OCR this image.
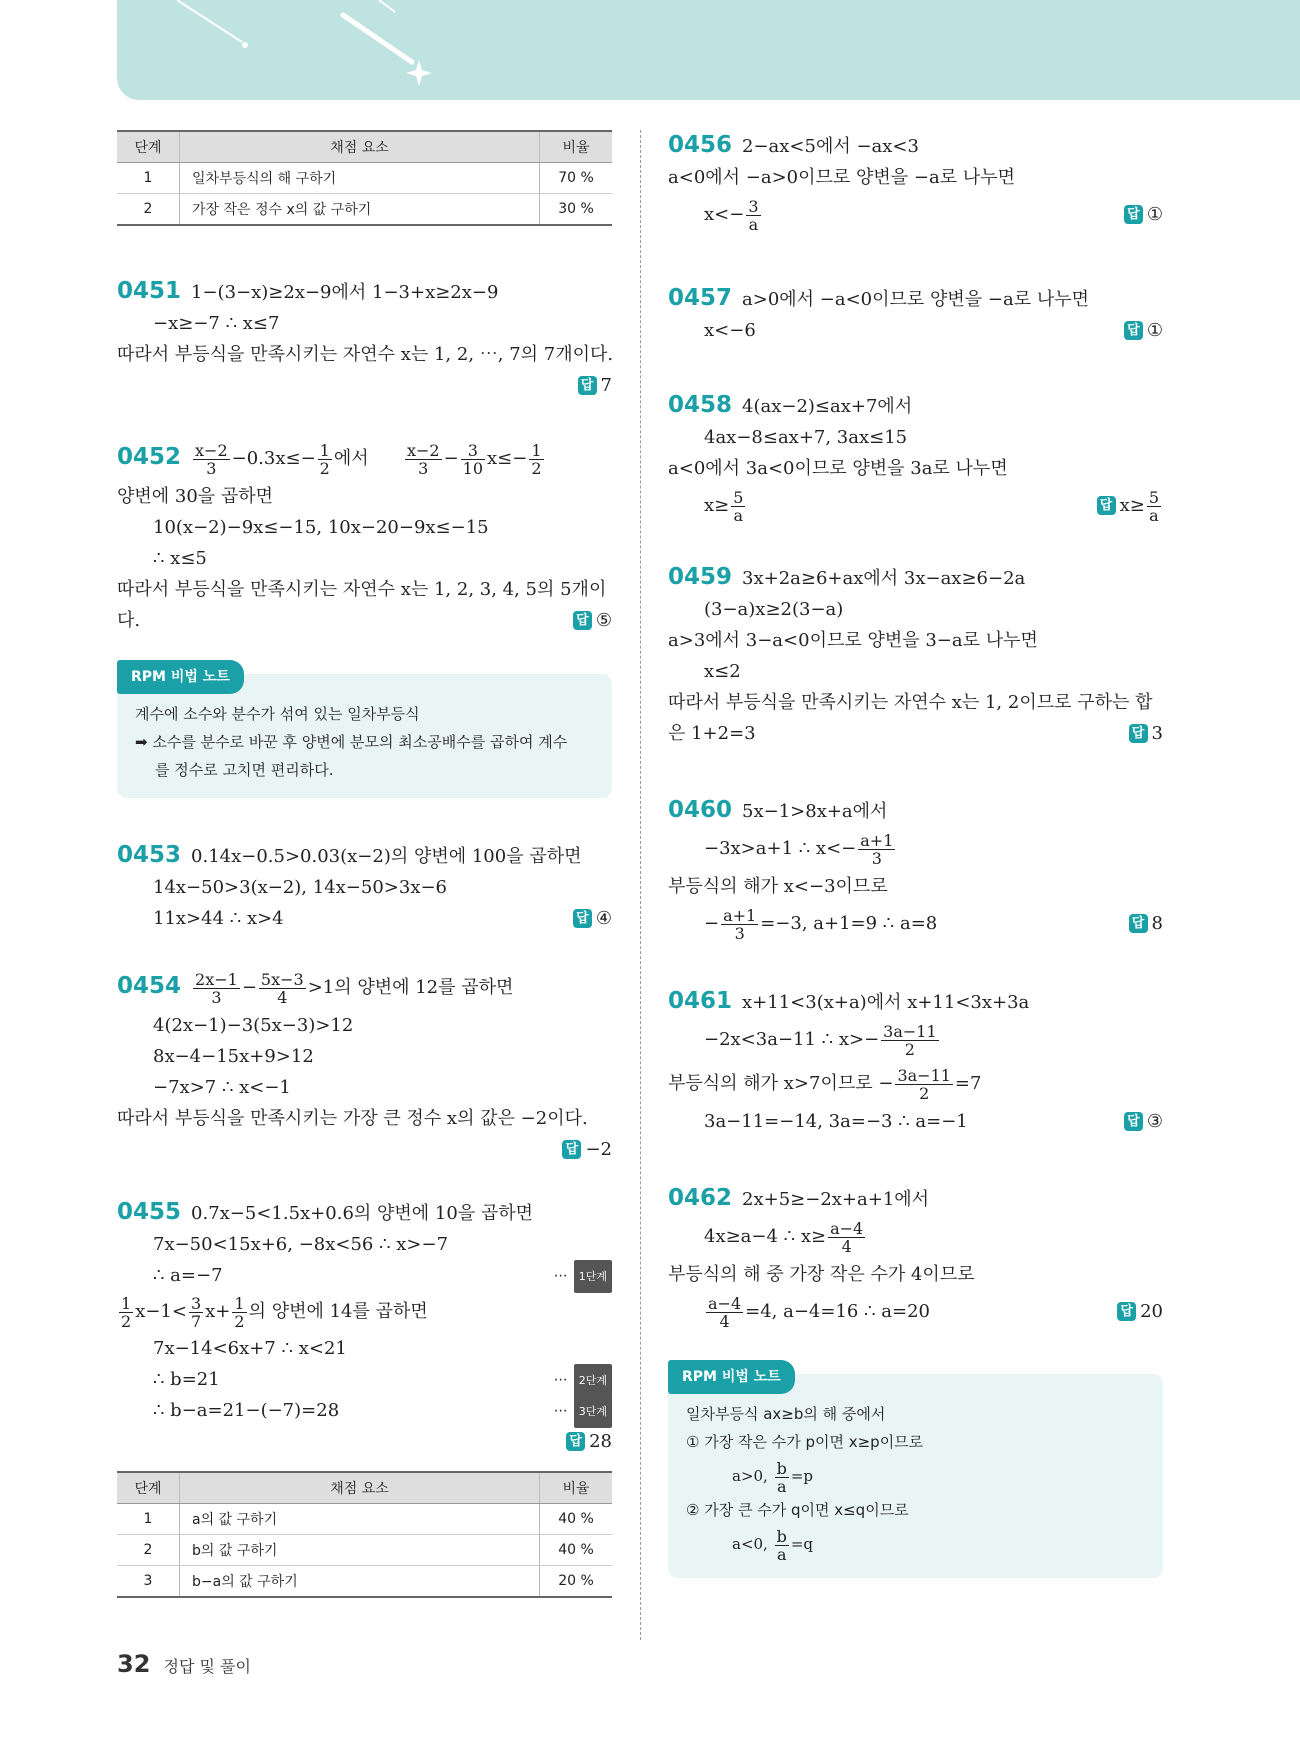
단계	채점 요소	비율
1	일차부등식의 해 구하기	70 %
2	가장 작은 정수 x의 값 구하기	30 %
0451 1−(3−x)≥2x−9에서 1−3+x≥2x−9
−x≥−7 ∴ x≤7
따라서 부등식을 만족시키는 자연수 x는 1, 2, ⋯, 7의 7개이다.
답 7
$0452 \frac{x-2}{3} -0.3x\le- \frac{1}{2}$ 에서 $\frac{x-2}{3} - \frac{3}{10} x\le- \frac{1}{2}$
양변에 30을 곱하면
10(x−2)−9x≤−15, 10x−20−9x≤−15
∴ x≤5
따라서 부등식을 만족시키는 자연수 x는 1, 2, 3, 4, 5의 5개이
다.	답 ⑤
RPM 비법 노트
계수에 소수와 분수가 섞여 있는 일차부등식
➡ 소수를 분수로 바꾼 후 양변에 분모의 최소공배수를 곱하여 계수
를 정수로 고치면 편리하다.
0453 0.14x−0.5>0.03(x−2)의 양변에 100을 곱하면
14x−50>3(x−2), 14x−50>3x−6
11x>44 ∴ x>4	답 ④
$0454 \frac{2x-1}{3} - \frac{5x-3}{4} >1$의 양변에 12를 곱하면
4(2x−1)−3(5x−3)>12
8x−4−15x+9>12
−7x>7 ∴ x<−1
따라서 부등식을 만족시키는 가장 큰 정수 x의 값은 −2이다.
답 −2
0455 0.7x−5<1.5x+0.6의 양변에 10을 곱하면
7x−50<15x+6, −8x<56 ∴ x>−7
∴ a=−7	⋯ 1단계
$\frac{1}{2} x-1< \frac{3}{7} x+ \frac{1}{2}$ 의 양변에 14를 곱하면
7x−14<6x+7 ∴ x<21
∴ b=21	⋯ 2단계
∴ b−a=21−(−7)=28	⋯ 3단계
답 28
단계	채점 요소	비율
1	a의 값 구하기	40 %
2	b의 값 구하기	40 %
3	b−a의 값 구하기	20 %
0456 2−ax<5에서 −ax<3
a<0에서 −a>0이므로 양변을 −a로 나누면
$x<- \frac{3}{a}$	답 ①
0457 a>0에서 −a<0이므로 양변을 −a로 나누면
x<−6	답 ①
0458 4(ax−2)≤ax+7에서
4ax−8≤ax+7, 3ax≤15
a<0에서 3a<0이므로 양변을 3a로 나누면
$x\ge \frac{5}{a}$	답 $x\ge \frac{5}{a}$
0459 3x+2a≥6+ax에서 3x−ax≥6−2a
(3−a)x≥2(3−a)
a>3에서 3−a<0이므로 양변을 3−a로 나누면
x≤2
따라서 부등식을 만족시키는 자연수 x는 1, 2이므로 구하는 합
은 1+2=3	답 3
0460 5x−1>8x+a에서
−3x>a+1 ∴ $x<- \frac{a+1}{3}$
부등식의 해가 x<−3이므로
− $\frac{a+1}{3} =-3$, a+1=9 ∴ a=8	답 8
0461 x+11<3(x+a)에서 x+11<3x+3a
−2x<3a−11 ∴ $x>- \frac{3a-11}{2}$
부등식의 해가 x>7이므로 − $\frac{3a-11}{2} =7$
3a−11=−14, 3a=−3 ∴ a=−1	답 ③
0462 2x+5≥−2x+a+1에서
4x≥a−4 ∴ $x\ge \frac{a-4}{4}$
부등식의 해 중 가장 작은 수가 4이므로
$\frac{a-4}{4} =4$, a−4=16 ∴ a=20	답 20
RPM 비법 노트
일차부등식 ax≥b의 해 중에서
① 가장 작은 수가 p이면 x≥p이므로
a>0, $\frac{b}{a} =p$
② 가장 큰 수가 q이면 x≤q이므로
a<0, $\frac{b}{a} =q$
32 정답 및 풀이
